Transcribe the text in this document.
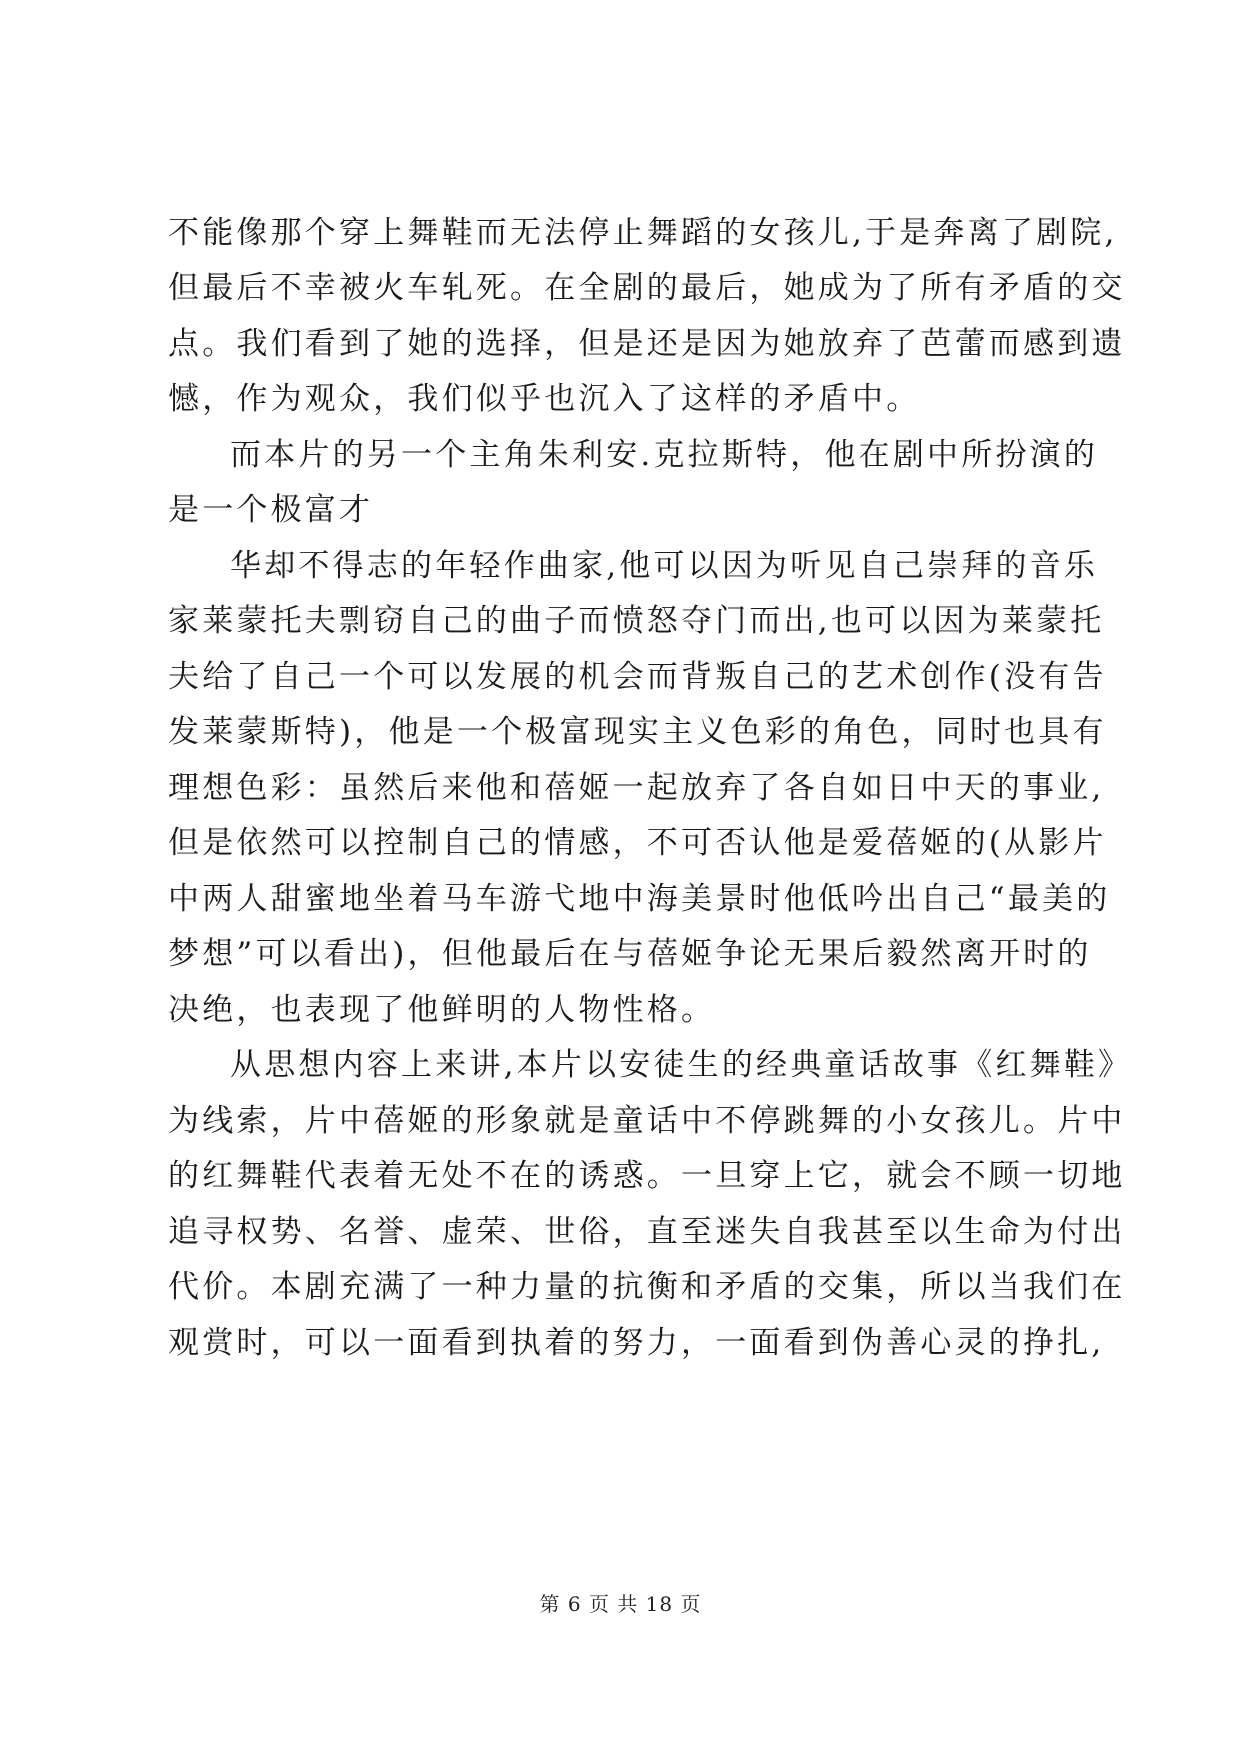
不能像那个穿上舞鞋而无法停止舞蹈的女孩儿,于是奔离了剧院,
但最后不幸被火车轧死。在全剧的最后，她成为了所有矛盾的交
点。我们看到了她的选择，但是还是因为她放弃了芭蕾而感到遗
憾，作为观众，我们似乎也沉入了这样的矛盾中。
而本片的另一个主角朱利安.克拉斯特，他在剧中所扮演的
是一个极富才
华却不得志的年轻作曲家,他可以因为听见自己崇拜的音乐
家莱蒙托夫剽窃自己的曲子而愤怒夺门而出,也可以因为莱蒙托
夫给了自己一个可以发展的机会而背叛自己的艺术创作(没有告
发莱蒙斯特)，他是一个极富现实主义色彩的角色，同时也具有
理想色彩：虽然后来他和蓓姬一起放弃了各自如日中天的事业,
但是依然可以控制自己的情感，不可否认他是爱蓓姬的(从影片
中两人甜蜜地坐着马车游弋地中海美景时他低吟出自己“最美的
梦想”可以看出)，但他最后在与蓓姬争论无果后毅然离开时的
决绝，也表现了他鲜明的人物性格。
从思想内容上来讲,本片以安徒生的经典童话故事《红舞鞋》
为线索，片中蓓姬的形象就是童话中不停跳舞的小女孩儿。片中
的红舞鞋代表着无处不在的诱惑。一旦穿上它，就会不顾一切地
追寻权势、名誉、虚荣、世俗，直至迷失自我甚至以生命为付出
代价。本剧充满了一种力量的抗衡和矛盾的交集，所以当我们在
观赏时，可以一面看到执着的努力，一面看到伪善心灵的挣扎,
第 6 页 共 18 页
